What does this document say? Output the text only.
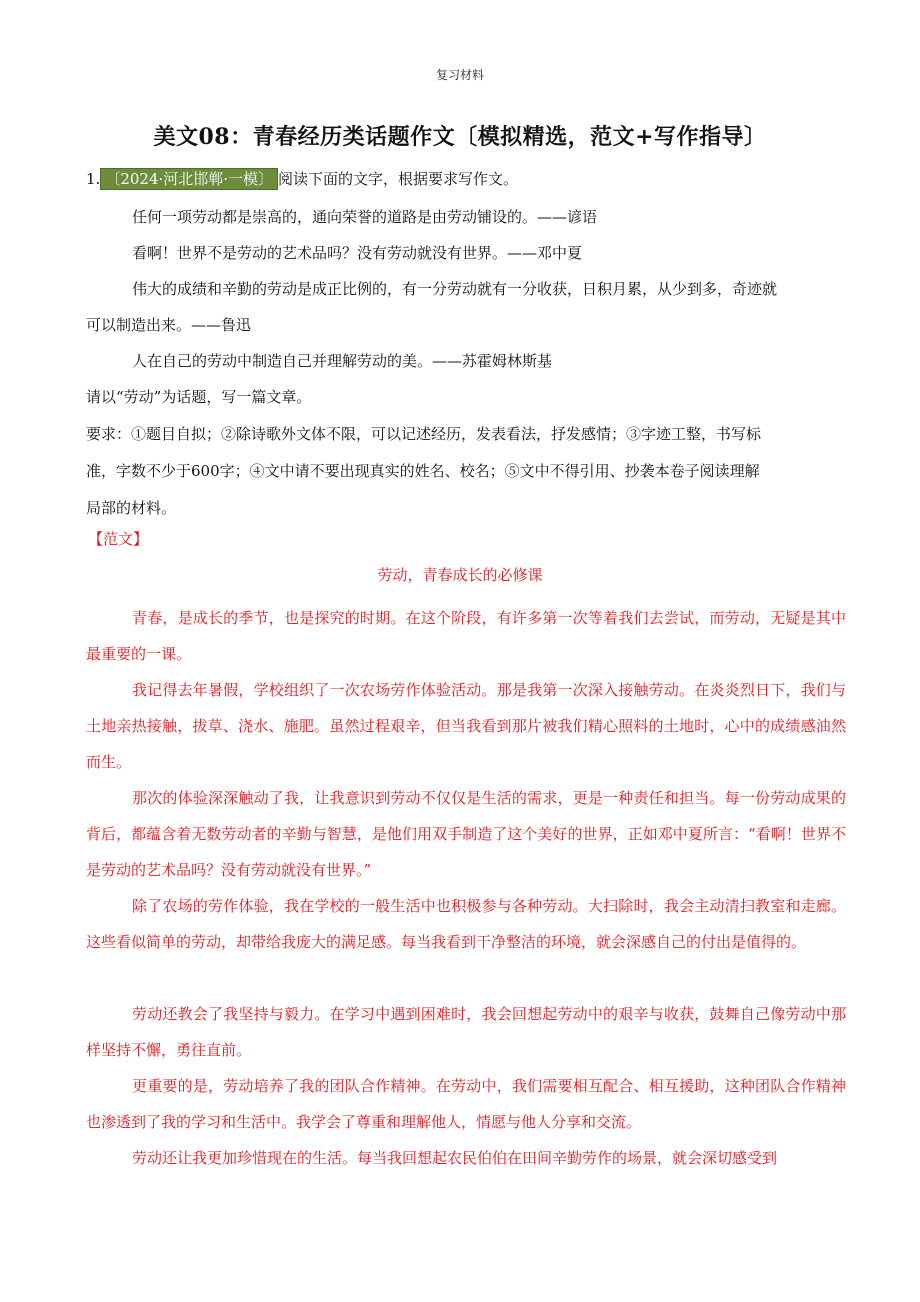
复习材料
美文08：青春经历类话题作文〔模拟精选，范文+写作指导〕
1. 〔2024·河北邯郸·一模〕 阅读下面的文字，根据要求写作文。
任何一项劳动都是崇高的，通向荣誉的道路是由劳动铺设的。——谚语
看啊！世界不是劳动的艺术品吗？没有劳动就没有世界。——邓中夏
伟大的成绩和辛勤的劳动是成正比例的，有一分劳动就有一分收获，日积月累，从少到多，奇迹就
可以制造出来。——鲁迅
人在自己的劳动中制造自己并理解劳动的美。——苏霍姆林斯基
请以“劳动”为话题，写一篇文章。
要求：①题目自拟；②除诗歌外文体不限，可以记述经历，发表看法，抒发感情；③字迹工整，书写标
准，字数不少于600字；④文中请不要出现真实的姓名、校名；⑤文中不得引用、抄袭本卷子阅读理解
局部的材料。
【范文】
劳动，青春成长的必修课
青春，是成长的季节，也是探究的时期。在这个阶段，有许多第一次等着我们去尝试，而劳动，无疑是其中最重要的一课。
我记得去年暑假，学校组织了一次农场劳作体验活动。那是我第一次深入接触劳动。在炎炎烈日下，我们与土地亲热接触，拔草、浇水、施肥。虽然过程艰辛，但当我看到那片被我们精心照料的土地时，心中的成绩感油然而生。
那次的体验深深触动了我，让我意识到劳动不仅仅是生活的需求，更是一种责任和担当。每一份劳动成果的背后，都蕴含着无数劳动者的辛勤与智慧，是他们用双手制造了这个美好的世界，正如邓中夏所言：“看啊！世界不是劳动的艺术品吗？没有劳动就没有世界。”
除了农场的劳作体验，我在学校的一般生活中也积极参与各种劳动。大扫除时，我会主动清扫教室和走廊。这些看似简单的劳动，却带给我庞大的满足感。每当我看到干净整洁的环境，就会深感自己的付出是值得的。
劳动还教会了我坚持与毅力。在学习中遇到困难时，我会回想起劳动中的艰辛与收获，鼓舞自己像劳动中那样坚持不懈，勇往直前。
更重要的是，劳动培养了我的团队合作精神。在劳动中，我们需要相互配合、相互援助，这种团队合作精神也渗透到了我的学习和生活中。我学会了尊重和理解他人，情愿与他人分享和交流。
劳动还让我更加珍惜现在的生活。每当我回想起农民伯伯在田间辛勤劳作的场景，就会深切感受到
